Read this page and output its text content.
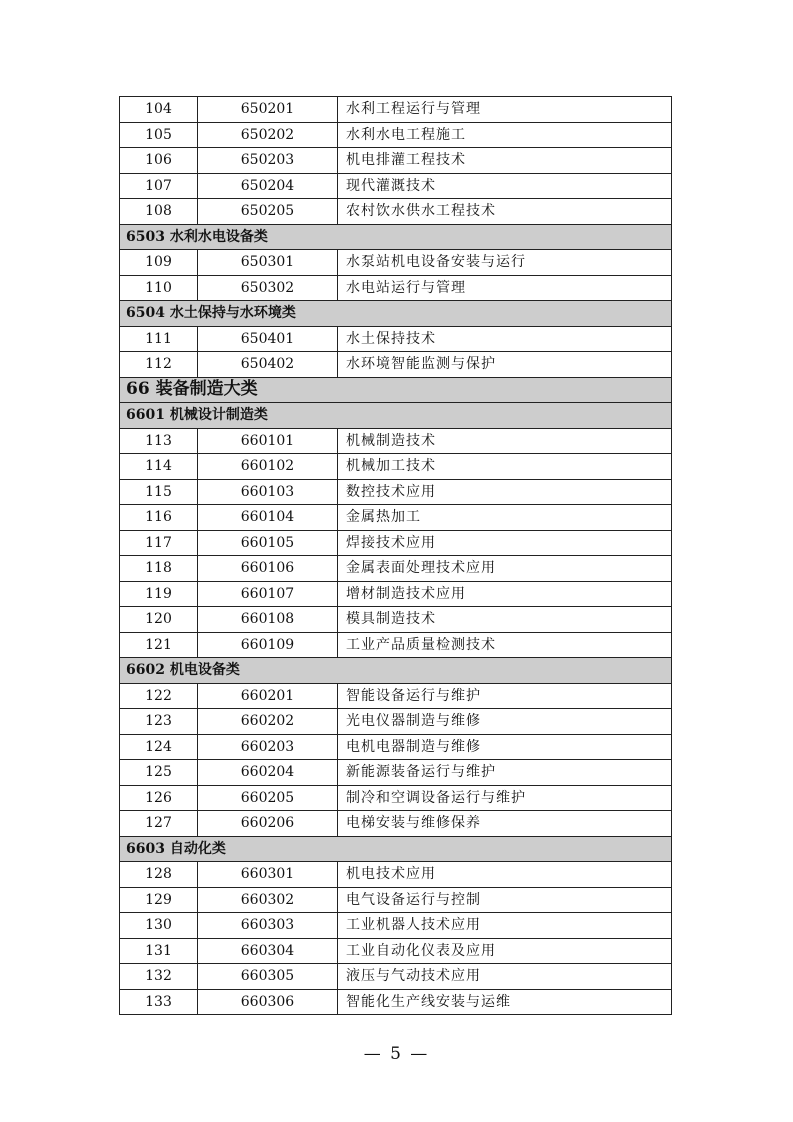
104	650201	水利工程运行与管理
105	650202	水利水电工程施工
106	650203	机电排灌工程技术
107	650204	现代灌溉技术
108	650205	农村饮水供水工程技术
6503 水利水电设备类		
109	650301	水泵站机电设备安装与运行
110	650302	水电站运行与管理
6504 水土保持与水环境类		
111	650401	水土保持技术
112	650402	水环境智能监测与保护
66 装备制造大类		
6601 机械设计制造类		
113	660101	机械制造技术
114	660102	机械加工技术
115	660103	数控技术应用
116	660104	金属热加工
117	660105	焊接技术应用
118	660106	金属表面处理技术应用
119	660107	增材制造技术应用
120	660108	模具制造技术
121	660109	工业产品质量检测技术
6602 机电设备类		
122	660201	智能设备运行与维护
123	660202	光电仪器制造与维修
124	660203	电机电器制造与维修
125	660204	新能源装备运行与维护
126	660205	制冷和空调设备运行与维护
127	660206	电梯安装与维修保养
6603 自动化类		
128	660301	机电技术应用
129	660302	电气设备运行与控制
130	660303	工业机器人技术应用
131	660304	工业自动化仪表及应用
132	660305	液压与气动技术应用
133	660306	智能化生产线安装与运维
— 5 —
